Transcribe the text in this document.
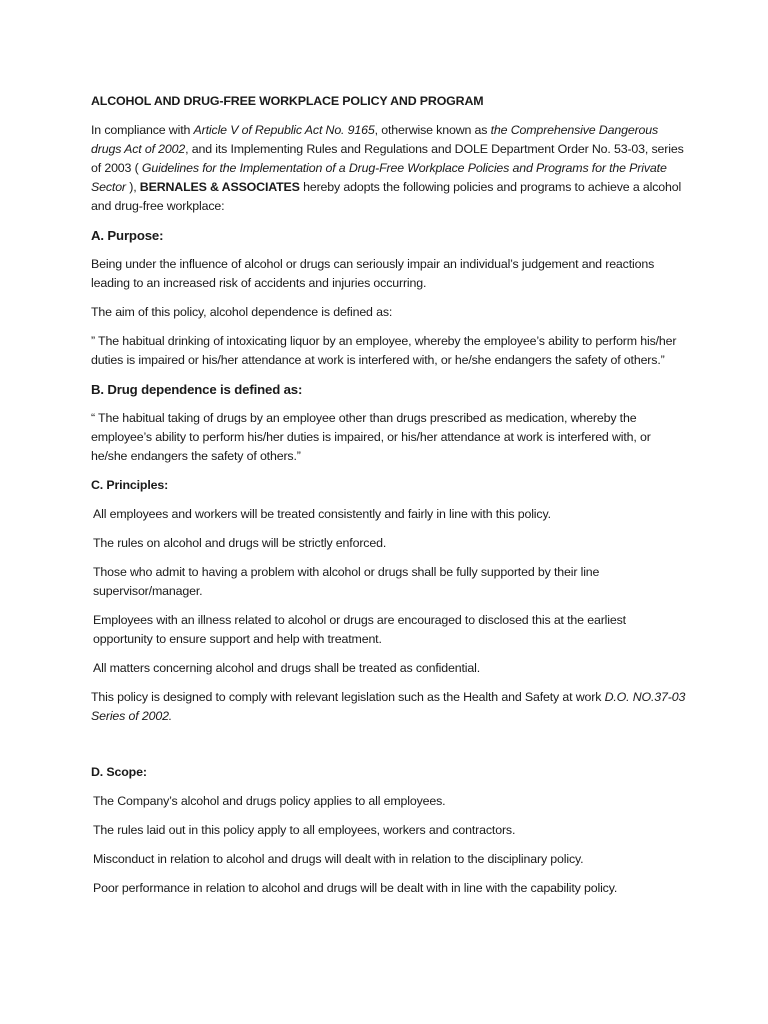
ALCOHOL AND DRUG-FREE WORKPLACE POLICY AND PROGRAM

In compliance with Article V of Republic Act No. 9165, otherwise known as the Comprehensive Dangerous drugs Act of 2002, and its Implementing Rules and Regulations and DOLE Department Order No. 53-03, series of 2003 ( Guidelines for the Implementation of a Drug-Free Workplace Policies and Programs for the Private Sector ), BERNALES & ASSOCIATES hereby adopts the following policies and programs to achieve a alcohol and drug-free workplace:

A. Purpose:

Being under the influence of alcohol or drugs can seriously impair an individual’s judgement and reactions leading to an increased risk of accidents and injuries occurring.

The aim of this policy, alcohol dependence is defined as:

” The habitual drinking of intoxicating liquor by an employee, whereby the employee’s ability to perform his/her duties is impaired or his/her attendance at work is interfered with, or he/she endangers the safety of others.”

B. Drug dependence is defined as:

“ The habitual taking of drugs by an employee other than drugs prescribed as medication, whereby the employee’s ability to perform his/her duties is impaired, or his/her attendance at work is interfered with, or he/she endangers the safety of others.”

C. Principles:

All employees and workers will be treated consistently and fairly in line with this policy.

The rules on alcohol and drugs will be strictly enforced.

Those who admit to having a problem with alcohol or drugs shall be fully supported by their line supervisor/manager.

Employees with an illness related to alcohol or drugs are encouraged to disclosed this at the earliest opportunity to ensure support and help with treatment.

All matters concerning alcohol and drugs shall be treated as confidential.

This policy is designed to comply with relevant legislation such as the Health and Safety at work D.O. NO.37-03 Series of 2002.

D. Scope:

The Company’s alcohol and drugs policy applies to all employees.

The rules laid out in this policy apply to all employees, workers and contractors.

Misconduct in relation to alcohol and drugs will dealt with in relation to the disciplinary policy.

Poor performance in relation to alcohol and drugs will be dealt with in line with the capability policy.
